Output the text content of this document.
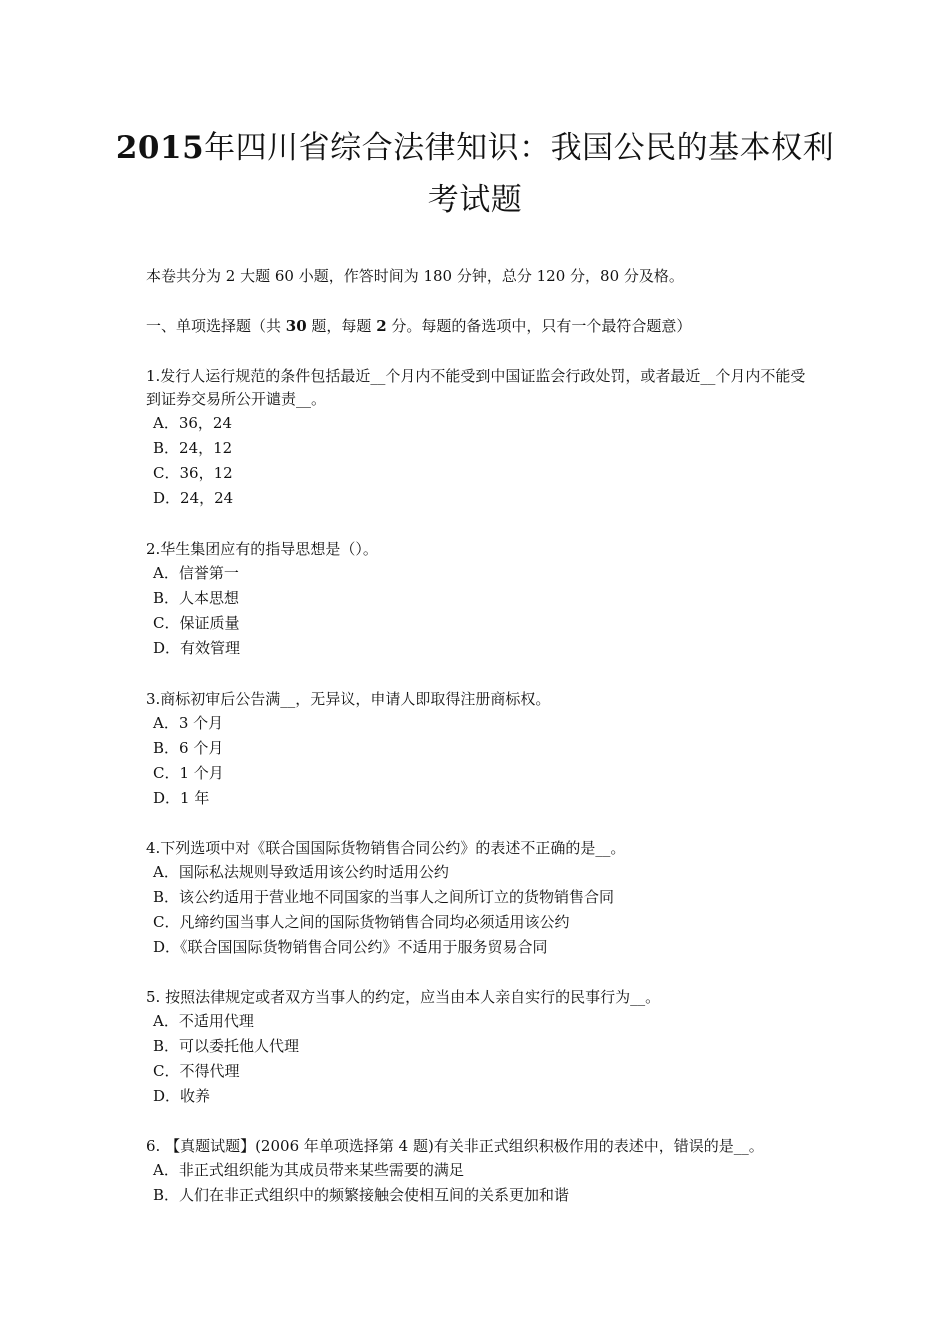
2015年四川省综合法律知识：我国公民的基本权利
考试题
本卷共分为 2 大题 60 小题，作答时间为 180 分钟，总分 120 分，80 分及格。
一、单项选择题（共 30 题，每题 2 分。每题的备选项中，只有一个最符合题意）
1.发行人运行规范的条件包括最近__个月内不能受到中国证监会行政处罚，或者最近__个月内不能受到证券交易所公开谴责__。
A．36，24
B．24，12
C．36，12
D．24，24
2.华生集团应有的指导思想是（）。
A．信誉第一
B．人本思想
C．保证质量
D．有效管理
3.商标初审后公告满__，无异议，申请人即取得注册商标权。
A．3 个月
B．6 个月
C．1 个月
D．1 年
4.下列选项中对《联合国国际货物销售合同公约》的表述不正确的是__。
A．国际私法规则导致适用该公约时适用公约
B．该公约适用于营业地不同国家的当事人之间所订立的货物销售合同
C．凡缔约国当事人之间的国际货物销售合同均必须适用该公约
D．《联合国国际货物销售合同公约》不适用于服务贸易合同
5. 按照法律规定或者双方当事人的约定，应当由本人亲自实行的民事行为__。
A．不适用代理
B．可以委托他人代理
C．不得代理
D．收养
6. 【真题试题】(2006 年单项选择第 4 题)有关非正式组织积极作用的表述中，错误的是__。
A．非正式组织能为其成员带来某些需要的满足
B．人们在非正式组织中的频繁接触会使相互间的关系更加和谐
